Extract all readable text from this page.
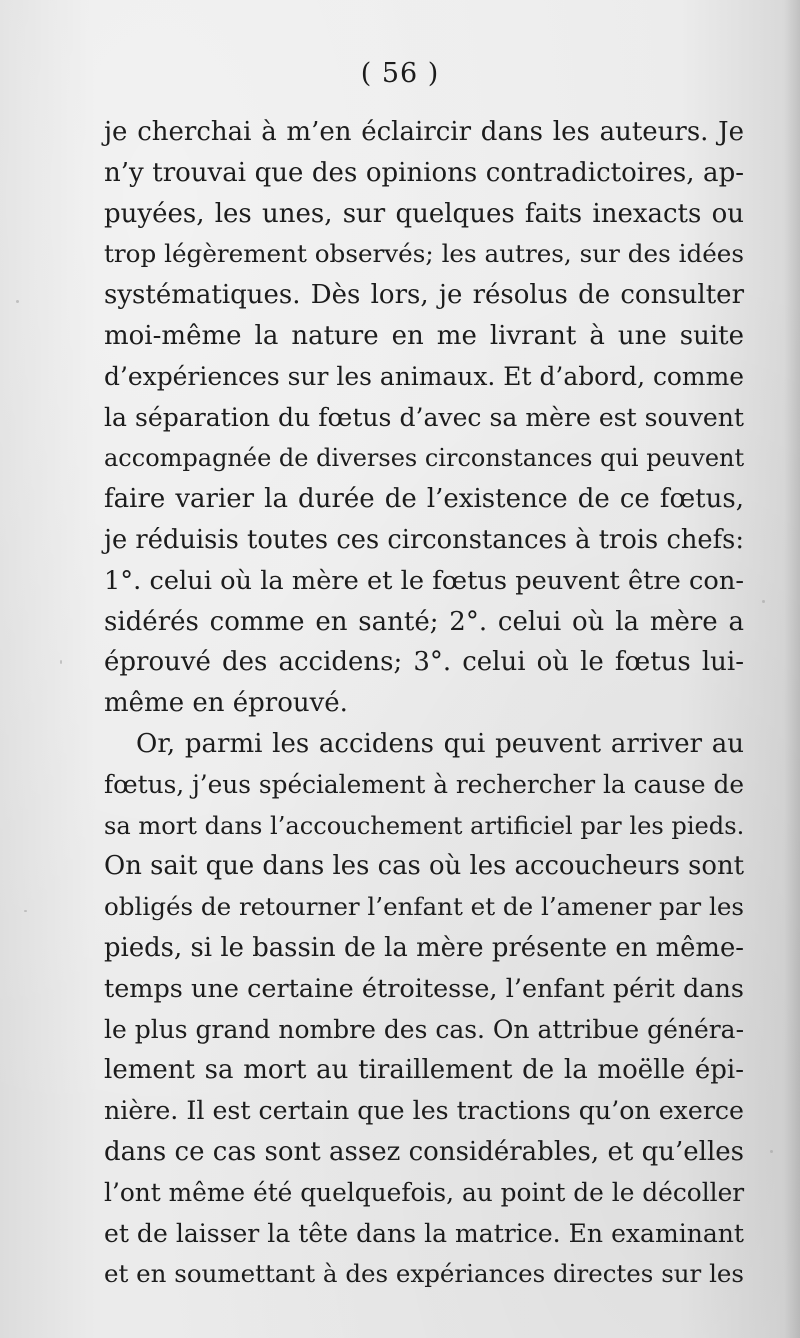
( 56 )
je cherchai à m’en éclaircir dans les auteurs. Je
n’y trouvai que des opinions contradictoires, ap-
puyées, les unes, sur quelques faits inexacts ou
trop légèrement observés; les autres, sur des idées
systématiques. Dès lors, je résolus de consulter
moi-même la nature en me livrant à une suite
d’expériences sur les animaux. Et d’abord, comme
la séparation du fœtus d’avec sa mère est souvent
accompagnée de diverses circonstances qui peuvent
faire varier la durée de l’existence de ce fœtus,
je réduisis toutes ces circonstances à trois chefs:
1°. celui où la mère et le fœtus peuvent être con-
sidérés comme en santé; 2°. celui où la mère a
éprouvé des accidens; 3°. celui où le fœtus lui-
même en éprouvé.
Or, parmi les accidens qui peuvent arriver au
fœtus, j’eus spécialement à rechercher la cause de
sa mort dans l’accouchement artificiel par les pieds.
On sait que dans les cas où les accoucheurs sont
obligés de retourner l’enfant et de l’amener par les
pieds, si le bassin de la mère présente en même-
temps une certaine étroitesse, l’enfant périt dans
le plus grand nombre des cas. On attribue généra-
lement sa mort au tiraillement de la moëlle épi-
nière. Il est certain que les tractions qu’on exerce
dans ce cas sont assez considérables, et qu’elles
l’ont même été quelquefois, au point de le décoller
et de laisser la tête dans la matrice. En examinant
et en soumettant à des expériances directes sur les
